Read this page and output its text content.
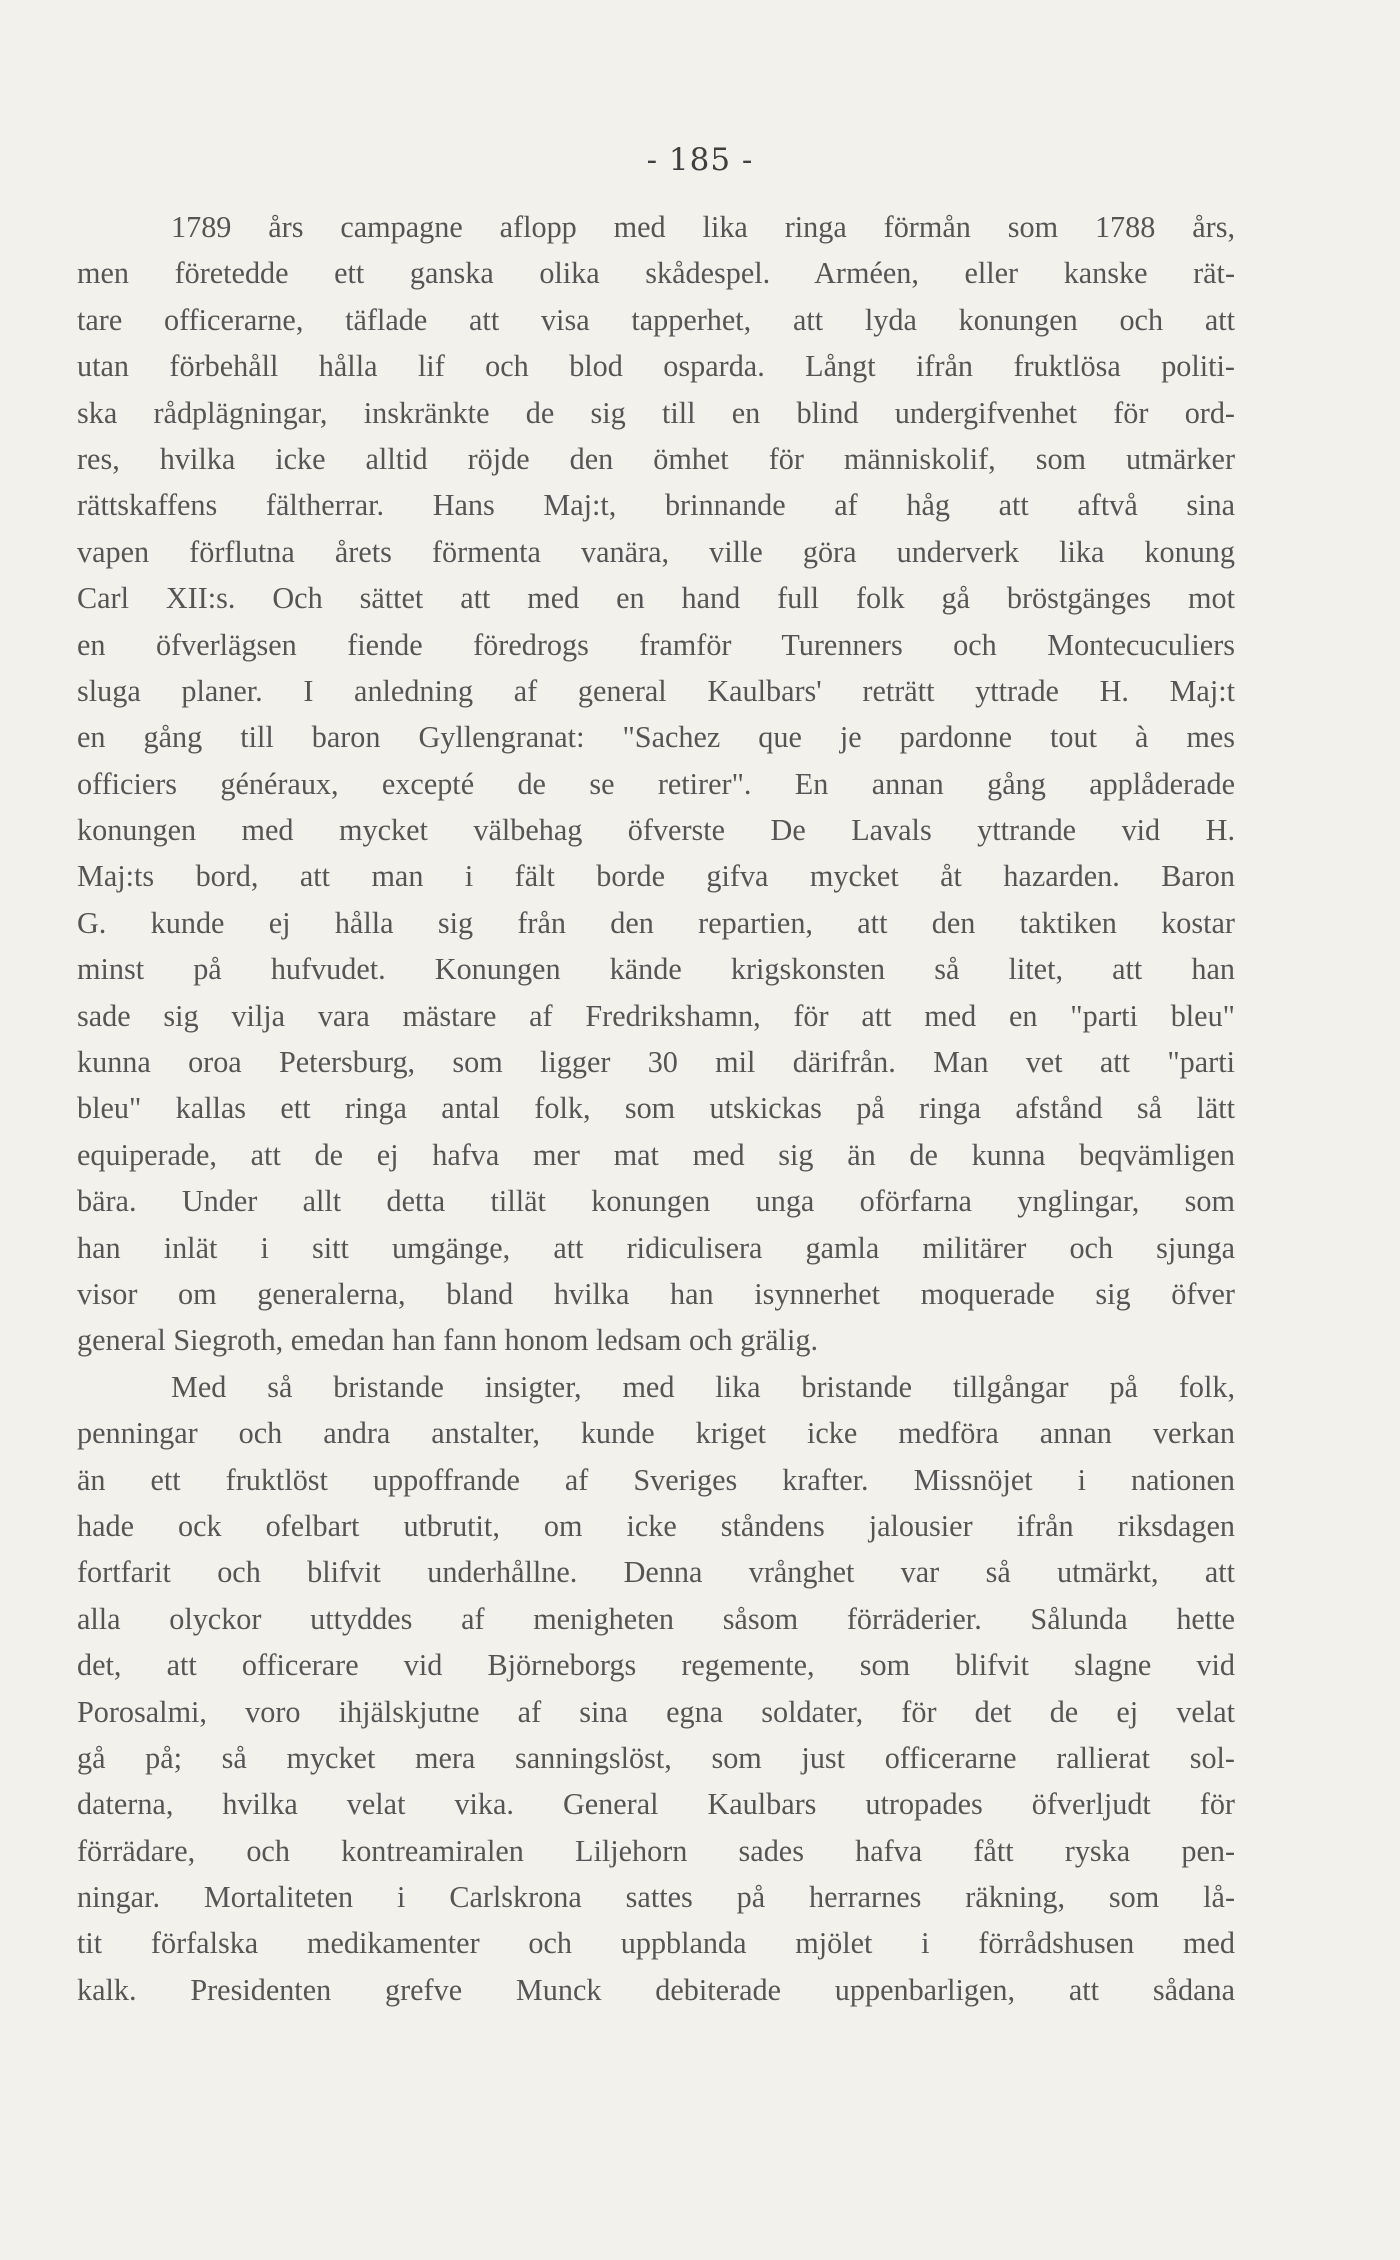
- 185 -
1789 års campagne aflopp med lika ringa förmån som 1788 års,
men företedde ett ganska olika skådespel. Arméen, eller kanske rät-
tare officerarne, täflade att visa tapperhet, att lyda konungen och att
utan förbehåll hålla lif och blod osparda. Långt ifrån fruktlösa politi-
ska rådplägningar, inskränkte de sig till en blind undergifvenhet för ord-
res, hvilka icke alltid röjde den ömhet för människolif, som utmärker
rättskaffens fältherrar. Hans Maj:t, brinnande af håg att aftvå sina
vapen förflutna årets förmenta vanära, ville göra underverk lika konung
Carl XII:s. Och sättet att med en hand full folk gå bröstgänges mot
en öfverlägsen fiende föredrogs framför Turenners och Montecuculiers
sluga planer. I anledning af general Kaulbars' reträtt yttrade H. Maj:t
en gång till baron Gyllengranat: "Sachez que je pardonne tout à mes
officiers généraux, excepté de se retirer". En annan gång applåderade
konungen med mycket välbehag öfverste De Lavals yttrande vid H.
Maj:ts bord, att man i fält borde gifva mycket åt hazarden. Baron
G. kunde ej hålla sig från den repartien, att den taktiken kostar
minst på hufvudet. Konungen kände krigskonsten så litet, att han
sade sig vilja vara mästare af Fredrikshamn, för att med en "parti bleu"
kunna oroa Petersburg, som ligger 30 mil därifrån. Man vet att "parti
bleu" kallas ett ringa antal folk, som utskickas på ringa afstånd så lätt
equiperade, att de ej hafva mer mat med sig än de kunna beqvämligen
bära. Under allt detta tillät konungen unga oförfarna ynglingar, som
han inlät i sitt umgänge, att ridiculisera gamla militärer och sjunga
visor om generalerna, bland hvilka han isynnerhet moquerade sig öfver
general Siegroth, emedan han fann honom ledsam och grälig.
Med så bristande insigter, med lika bristande tillgångar på folk,
penningar och andra anstalter, kunde kriget icke medföra annan verkan
än ett fruktlöst uppoffrande af Sveriges krafter. Missnöjet i nationen
hade ock ofelbart utbrutit, om icke ståndens jalousier ifrån riksdagen
fortfarit och blifvit underhållne. Denna vrånghet var så utmärkt, att
alla olyckor uttyddes af menigheten såsom förräderier. Sålunda hette
det, att officerare vid Björneborgs regemente, som blifvit slagne vid
Porosalmi, voro ihjälskjutne af sina egna soldater, för det de ej velat
gå på; så mycket mera sanningslöst, som just officerarne rallierat sol-
daterna, hvilka velat vika. General Kaulbars utropades öfverljudt för
förrädare, och kontreamiralen Liljehorn sades hafva fått ryska pen-
ningar. Mortaliteten i Carlskrona sattes på herrarnes räkning, som lå-
tit förfalska medikamenter och uppblanda mjölet i förrådshusen med
kalk. Presidenten grefve Munck debiterade uppenbarligen, att sådana
